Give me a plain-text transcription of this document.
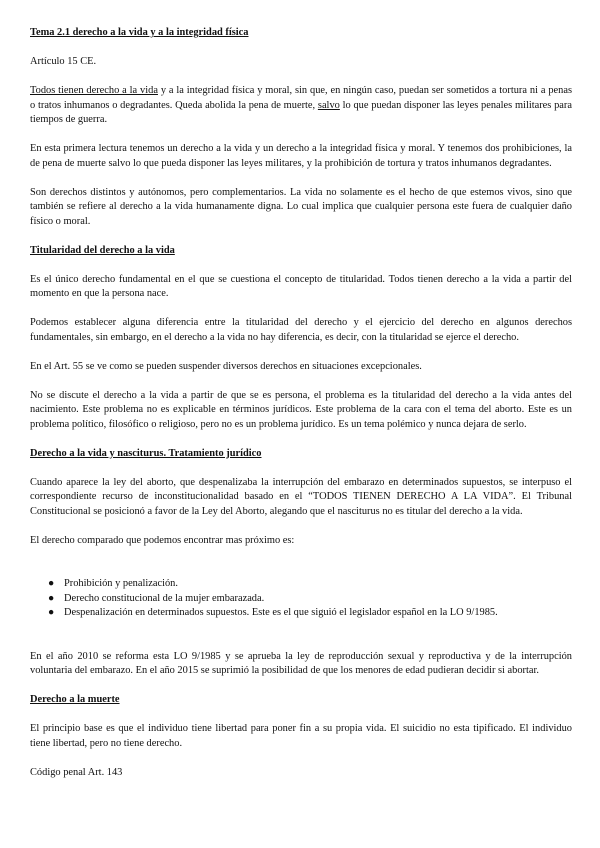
Tema 2.1 derecho a la vida y a la integridad física

Artículo 15 CE.

Todos tienen derecho a la vida y a la integridad física y moral, sin que, en ningún caso, puedan ser sometidos a tortura ni a penas o tratos inhumanos o degradantes. Queda abolida la pena de muerte, salvo lo que puedan disponer las leyes penales militares para tiempos de guerra.

En esta primera lectura tenemos un derecho a la vida y un derecho a la integridad física y moral. Y tenemos dos prohibiciones, la de pena de muerte salvo lo que pueda disponer las leyes militares, y la prohibición de tortura y tratos inhumanos degradantes.

Son derechos distintos y autónomos, pero complementarios. La vida no solamente es el hecho de que estemos vivos, sino que también se refiere al derecho a la vida humanamente digna. Lo cual implica que cualquier persona este fuera de cualquier daño físico o moral.

Titularidad del derecho a la vida

Es el único derecho fundamental en el que se cuestiona el concepto de titularidad. Todos tienen derecho a la vida a partir del momento en que la persona nace.

Podemos establecer alguna diferencia entre la titularidad del derecho y el ejercicio del derecho en algunos derechos fundamentales, sin embargo, en el derecho a la vida no hay diferencia, es decir, con la titularidad se ejerce el derecho.

En el Art. 55 se ve como se pueden suspender diversos derechos en situaciones excepcionales.

No se discute el derecho a la vida a partir de que se es persona, el problema es la titularidad del derecho a la vida antes del nacimiento. Este problema no es explicable en términos jurídicos. Este problema de la cara con el tema del aborto. Este es un problema político, filosófico o religioso, pero no es un problema jurídico. Es un tema polémico y nunca dejara de serlo.

Derecho a la vida y nasciturus. Tratamiento jurídico

Cuando aparece la ley del aborto, que despenalizaba la interrupción del embarazo en determinados supuestos, se interpuso el correspondiente recurso de inconstitucionalidad basado en el “TODOS TIENEN DERECHO A LA VIDA”. El Tribunal Constitucional se posicionó a favor de la Ley del Aborto, alegando que el nasciturus no es titular del derecho a la vida.

El derecho comparado que podemos encontrar mas próximo es:

● Prohibición y penalización.
● Derecho constitucional de la mujer embarazada.
● Despenalización en determinados supuestos. Este es el que siguió el legislador español en la LO 9/1985.

En el año 2010 se reforma esta LO 9/1985 y se aprueba la ley de reproducción sexual y reproductiva y de la interrupción voluntaria del embarazo. En el año 2015 se suprimió la posibilidad de que los menores de edad pudieran decidir si abortar.

Derecho a la muerte

El principio base es que el individuo tiene libertad para poner fin a su propia vida. El suicidio no esta tipificado. El individuo tiene libertad, pero no tiene derecho.

Código penal Art. 143
